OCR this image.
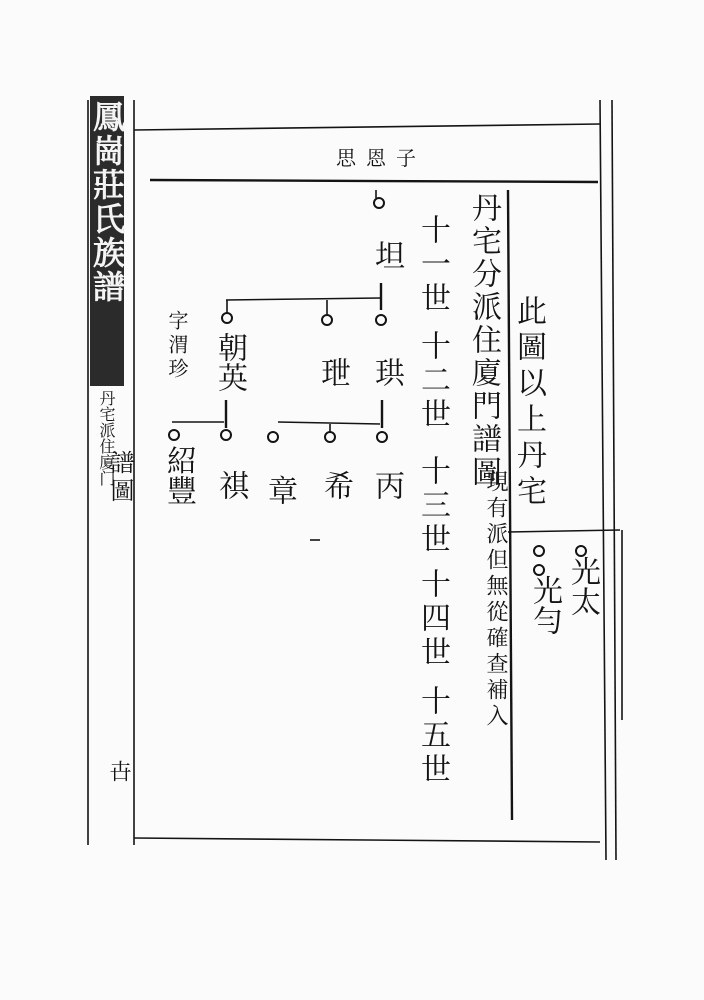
鳳崗莊氏族譜
丹宅派住廈门
譜圖
卋
思恩子
此圖以上丹宅
丹宅分派住廈門譜圖
現有派但無從確查補入
十一世
十二世
十三世
十四世
十五世
光太
光勻
坦
珙
玴
朝英
字渭珍
丙
希
章
祺
紹豐
